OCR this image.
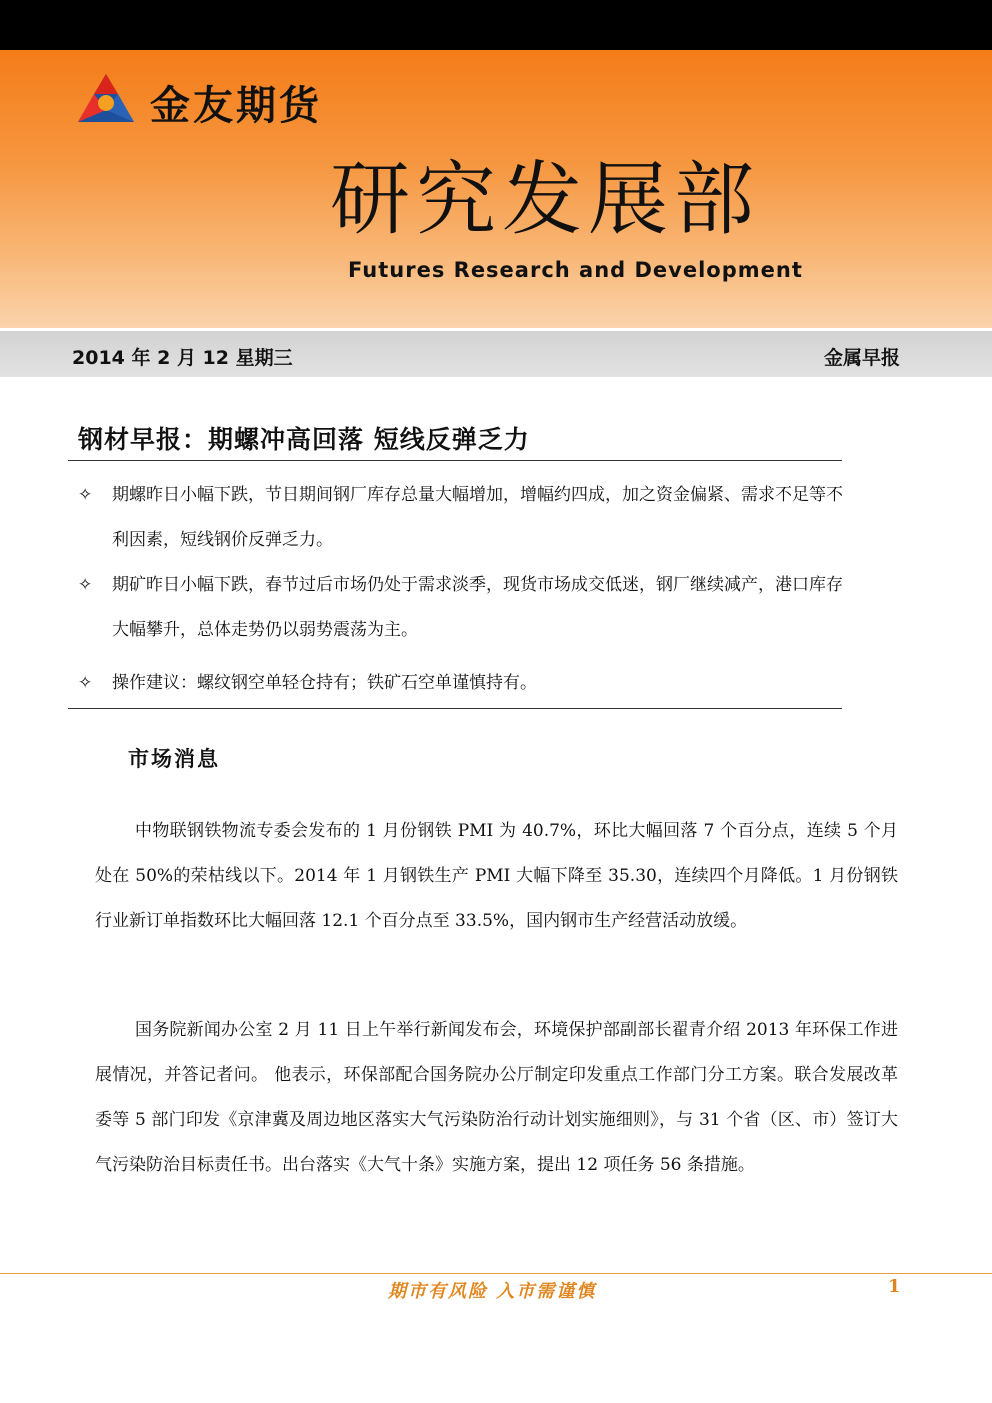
金友期货
研究发展部
Futures Research and Development
2014 年 2 月 12 星期三	金属早报
钢材早报：期螺冲高回落 短线反弹乏力
✧	期螺昨日小幅下跌，节日期间钢厂库存总量大幅增加，增幅约四成，加之资金偏紧、需求不足等不利因素，短线钢价反弹乏力。
✧	期矿昨日小幅下跌，春节过后市场仍处于需求淡季，现货市场成交低迷，钢厂继续减产，港口库存大幅攀升，总体走势仍以弱势震荡为主。
✧	操作建议：螺纹钢空单轻仓持有；铁矿石空单谨慎持有。
市场消息

中物联钢铁物流专委会发布的 1 月份钢铁 PMI 为 40.7%，环比大幅回落 7 个百分点，连续 5 个月处在 50%的荣枯线以下。2014 年 1 月钢铁生产 PMI 大幅下降至 35.30，连续四个月降低。1 月份钢铁行业新订单指数环比大幅回落 12.1 个百分点至 33.5%，国内钢市生产经营活动放缓。

国务院新闻办公室 2 月 11 日上午举行新闻发布会，环境保护部副部长翟青介绍 2013 年环保工作进展情况，并答记者问。 他表示，环保部配合国务院办公厅制定印发重点工作部门分工方案。联合发展改革委等 5 部门印发《京津冀及周边地区落实大气污染防治行动计划实施细则》，与 31 个省（区、市）签订大气污染防治目标责任书。出台落实《大气十条》实施方案，提出 12 项任务 56 条措施。

期市有风险 入市需谨慎	1
